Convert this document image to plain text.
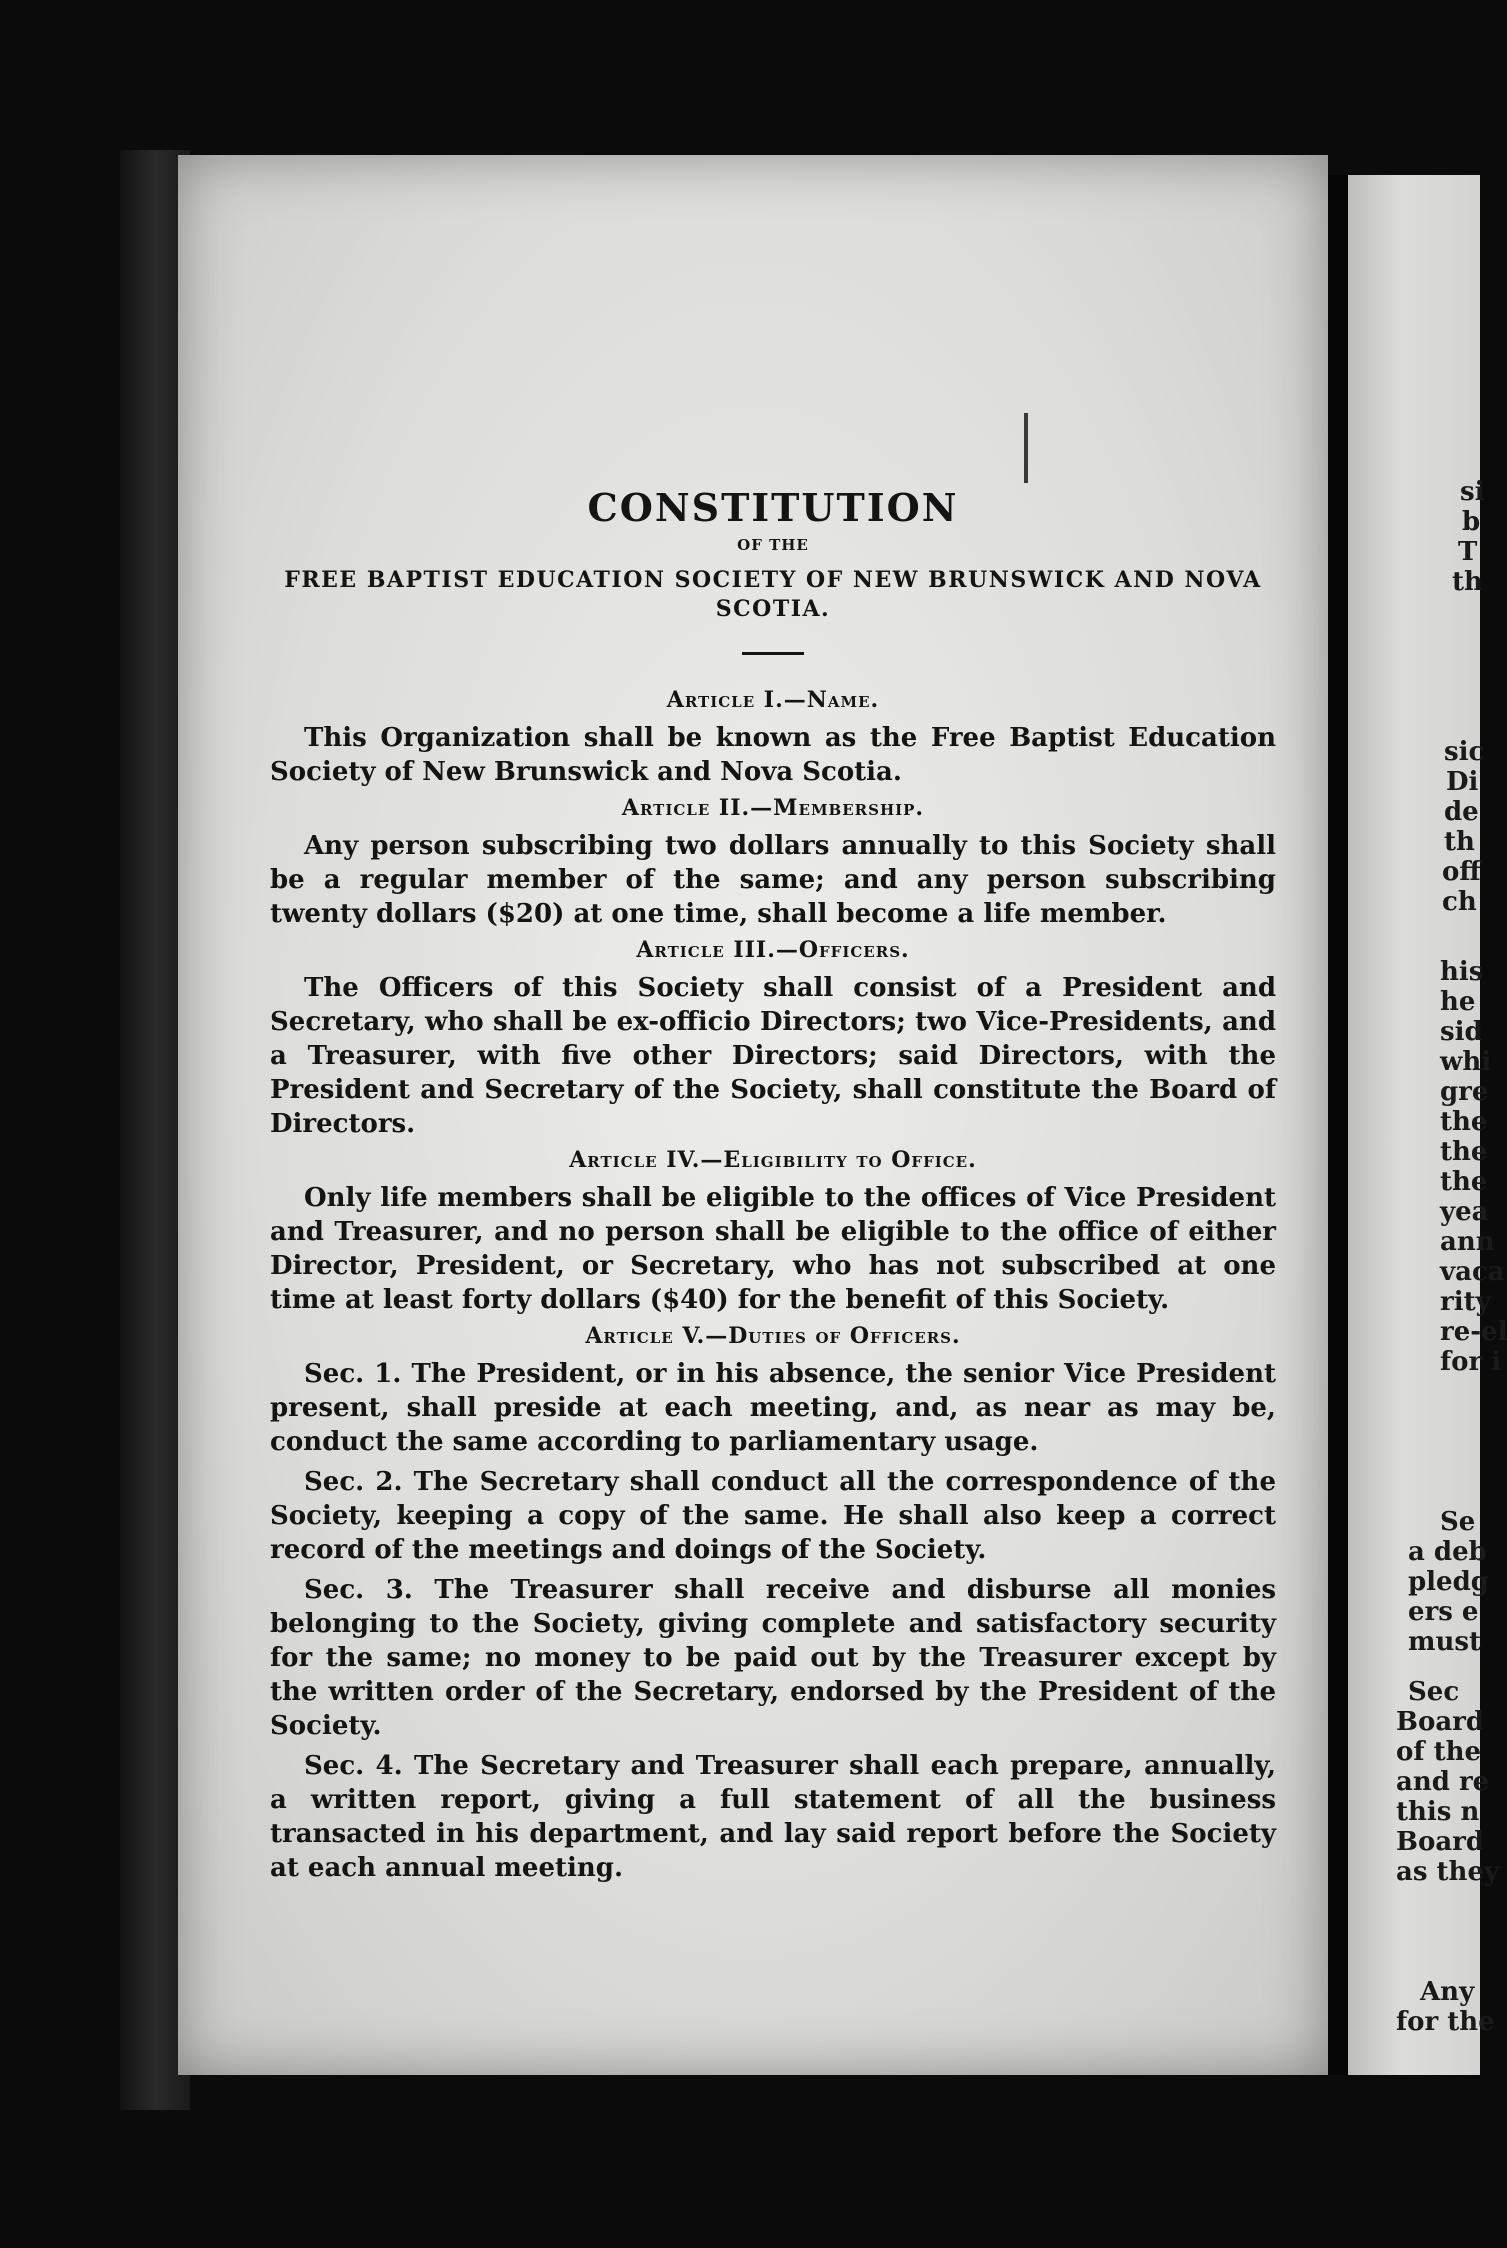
CONSTITUTION
OF THE
FREE BAPTIST EDUCATION SOCIETY OF NEW BRUNSWICK AND NOVA SCOTIA.
Article I.—Name.

This Organization shall be known as the Free Baptist Education Society of New Brunswick and Nova Scotia.

Article II.—Membership.

Any person subscribing two dollars annually to this Society shall be a regular member of the same; and any person subscribing twenty dollars ($20) at one time, shall become a life member.

Article III.—Officers.

The Officers of this Society shall consist of a President and Secretary, who shall be ex-officio Directors; two Vice-Presidents, and a Treasurer, with five other Directors; said Directors, with the President and Secretary of the Society, shall constitute the Board of Directors.

Article IV.—Eligibility to Office.

Only life members shall be eligible to the offices of Vice President and Treasurer, and no person shall be eligible to the office of either Director, President, or Secretary, who has not subscribed at one time at least forty dollars ($40) for the benefit of this Society.

Article V.—Duties of Officers.

Sec. 1. The President, or in his absence, the senior Vice President present, shall preside at each meeting, and, as near as may be, conduct the same according to parliamentary usage.

Sec. 2. The Secretary shall conduct all the correspondence of the Society, keeping a copy of the same. He shall also keep a correct record of the meetings and doings of the Society.

Sec. 3. The Treasurer shall receive and disburse all monies belonging to the Society, giving complete and satisfactory security for the same; no money to be paid out by the Treasurer except by the written order of the Secretary, endorsed by the President of the Society.

Sec. 4. The Secretary and Treasurer shall each prepare, annually, a written report, giving a full statement of all the business transacted in his department, and lay said report before the Society at each annual meeting.

si
b
T
th
sic
Di
de
th
off
ch
his
he
sid
whi
gre
the
the
the
yea
ann
vaca
rity
re-el
for i
Se
a deb
pledg
ers e
must
Sec
Board
of the
and re
this n
Board
as they
Any
for the
